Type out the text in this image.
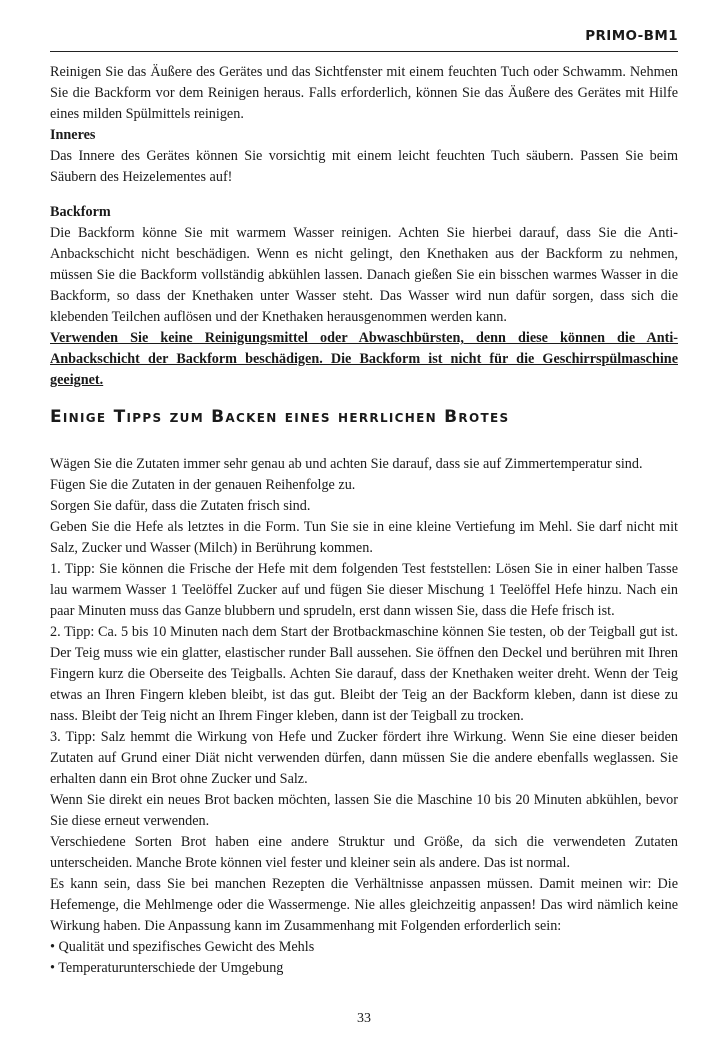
PRIMO-BM1

Reinigen Sie das Äußere des Gerätes und das Sichtfenster mit einem feuchten Tuch oder Schwamm. Nehmen Sie die Backform vor dem Reinigen heraus. Falls erforderlich, können Sie das Äußere des Gerätes mit Hilfe eines milden Spülmittels reinigen.

Inneres

Das Innere des Gerätes können Sie vorsichtig mit einem leicht feuchten Tuch säubern. Passen Sie beim Säubern des Heizelementes auf!

Backform

Die Backform könne Sie mit warmem Wasser reinigen. Achten Sie hierbei darauf, dass Sie die Anti-Anbackschicht nicht beschädigen. Wenn es nicht gelingt, den Knethaken aus der Backform zu nehmen, müssen Sie die Backform vollständig abkühlen lassen. Danach gießen Sie ein bisschen warmes Wasser in die Backform, so dass der Knethaken unter Wasser steht. Das Wasser wird nun dafür sorgen, dass sich die klebenden Teilchen auflösen und der Knethaken herausgenommen werden kann.

Verwenden Sie keine Reinigungsmittel oder Abwaschbürsten, denn diese können die Anti-Anbackschicht der Backform beschädigen. Die Backform ist nicht für die Geschirrspülmaschine geeignet.

Einige Tipps zum Backen eines herrlichen Brotes

Wägen Sie die Zutaten immer sehr genau ab und achten Sie darauf, dass sie auf Zimmertemperatur sind.

Fügen Sie die Zutaten in der genauen Reihenfolge zu.

Sorgen Sie dafür, dass die Zutaten frisch sind.

Geben Sie die Hefe als letztes in die Form. Tun Sie sie in eine kleine Vertiefung im Mehl. Sie darf nicht mit Salz, Zucker und Wasser (Milch) in Berührung kommen.

1. Tipp: Sie können die Frische der Hefe mit dem folgenden Test feststellen: Lösen Sie in einer halben Tasse lau warmem Wasser 1 Teelöffel Zucker auf und fügen Sie dieser Mischung 1 Teelöffel Hefe hinzu. Nach ein paar Minuten muss das Ganze blubbern und sprudeln, erst dann wissen Sie, dass die Hefe frisch ist.

2. Tipp: Ca. 5 bis 10 Minuten nach dem Start der Brotbackmaschine können Sie testen, ob der Teigball gut ist. Der Teig muss wie ein glatter, elastischer runder Ball aussehen. Sie öffnen den Deckel und berühren mit Ihren Fingern kurz die Oberseite des Teigballs. Achten Sie darauf, dass der Knethaken weiter dreht. Wenn der Teig etwas an Ihren Fingern kleben bleibt, ist das gut. Bleibt der Teig an der Backform kleben, dann ist diese zu nass. Bleibt der Teig nicht an Ihrem Finger kleben, dann ist der Teigball zu trocken.

3. Tipp: Salz hemmt die Wirkung von Hefe und Zucker fördert ihre Wirkung. Wenn Sie eine dieser beiden Zutaten auf Grund einer Diät nicht verwenden dürfen, dann müssen Sie die andere ebenfalls weglassen. Sie erhalten dann ein Brot ohne Zucker und Salz.

Wenn Sie direkt ein neues Brot backen möchten, lassen Sie die Maschine 10 bis 20 Minuten abkühlen, bevor Sie diese erneut verwenden.

Verschiedene Sorten Brot haben eine andere Struktur und Größe, da sich die verwendeten Zutaten unterscheiden. Manche Brote können viel fester und kleiner sein als andere. Das ist normal.

Es kann sein, dass Sie bei manchen Rezepten die Verhältnisse anpassen müssen. Damit meinen wir: Die Hefemenge, die Mehlmenge oder die Wassermenge. Nie alles gleichzeitig anpassen! Das wird nämlich keine Wirkung haben. Die Anpassung kann im Zusammenhang mit Folgenden erforderlich sein:

• Qualität und spezifisches Gewicht des Mehls

• Temperaturunterschiede der Umgebung

33
